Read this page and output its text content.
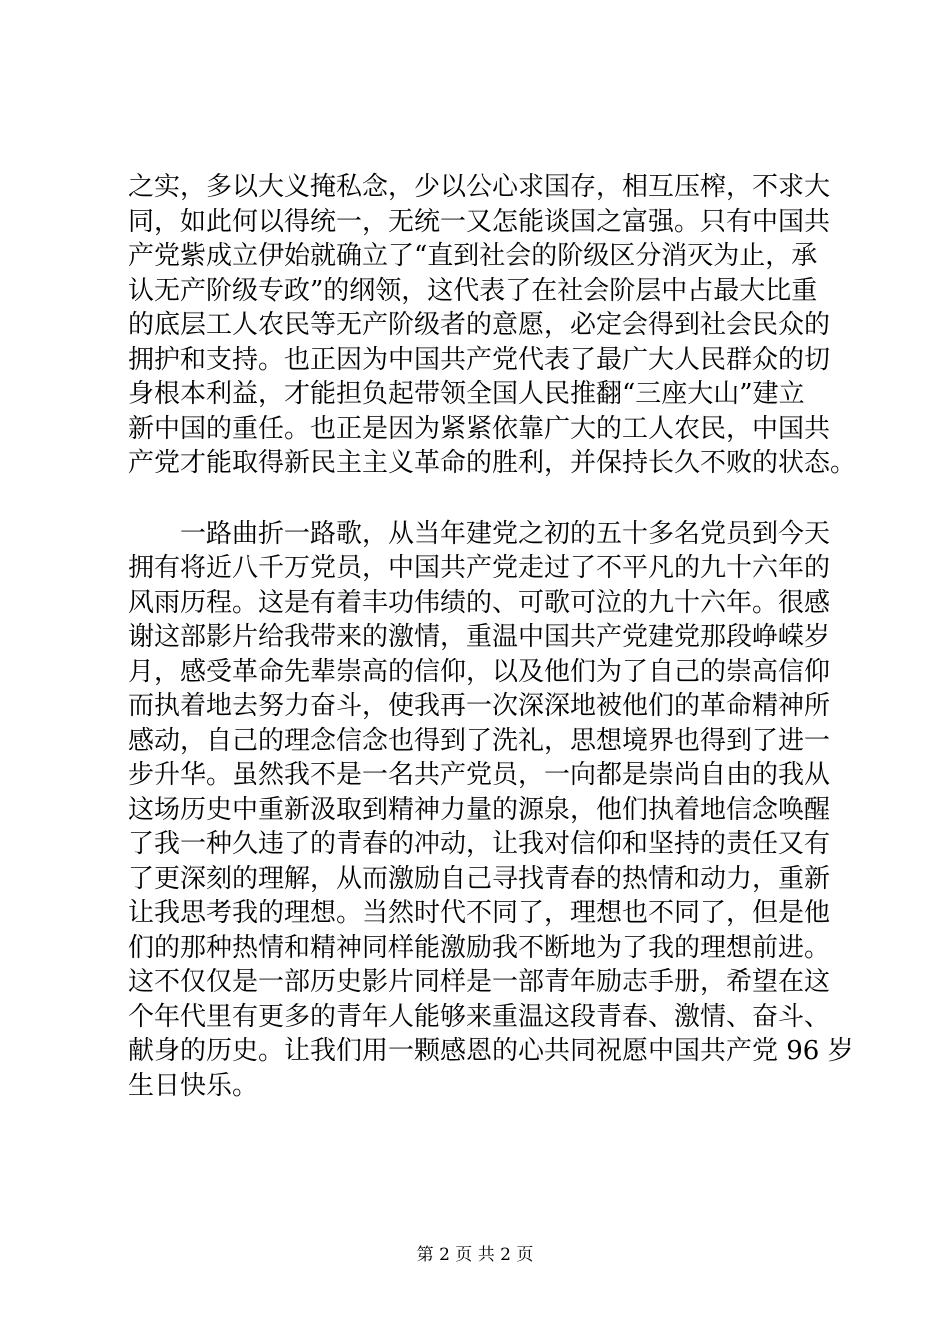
之实，多以大义掩私念，少以公心求国存，相互压榨，不求大
同，如此何以得统一，无统一又怎能谈国之富强。只有中国共
产党紫成立伊始就确立了“直到社会的阶级区分消灭为止，承
认无产阶级专政”的纲领，这代表了在社会阶层中占最大比重
的底层工人农民等无产阶级者的意愿，必定会得到社会民众的
拥护和支持。也正因为中国共产党代表了最广大人民群众的切
身根本利益，才能担负起带领全国人民推翻“三座大山”建立
新中国的重任。也正是因为紧紧依靠广大的工人农民，中国共
产党才能取得新民主主义革命的胜利，并保持长久不败的状态。
　　一路曲折一路歌，从当年建党之初的五十多名党员到今天
拥有将近八千万党员，中国共产党走过了不平凡的九十六年的
风雨历程。这是有着丰功伟绩的、可歌可泣的九十六年。很感
谢这部影片给我带来的激情，重温中国共产党建党那段峥嵘岁
月，感受革命先辈崇高的信仰，以及他们为了自己的崇高信仰
而执着地去努力奋斗，使我再一次深深地被他们的革命精神所
感动，自己的理念信念也得到了洗礼，思想境界也得到了进一
步升华。虽然我不是一名共产党员，一向都是崇尚自由的我从
这场历史中重新汲取到精神力量的源泉，他们执着地信念唤醒
了我一种久违了的青春的冲动，让我对信仰和坚持的责任又有
了更深刻的理解，从而激励自己寻找青春的热情和动力，重新
让我思考我的理想。当然时代不同了，理想也不同了，但是他
们的那种热情和精神同样能激励我不断地为了我的理想前进。
这不仅仅是一部历史影片同样是一部青年励志手册，希望在这
个年代里有更多的青年人能够来重温这段青春、激情、奋斗、
献身的历史。让我们用一颗感恩的心共同祝愿中国共产党 96 岁
生日快乐。
第 2 页 共 2 页
